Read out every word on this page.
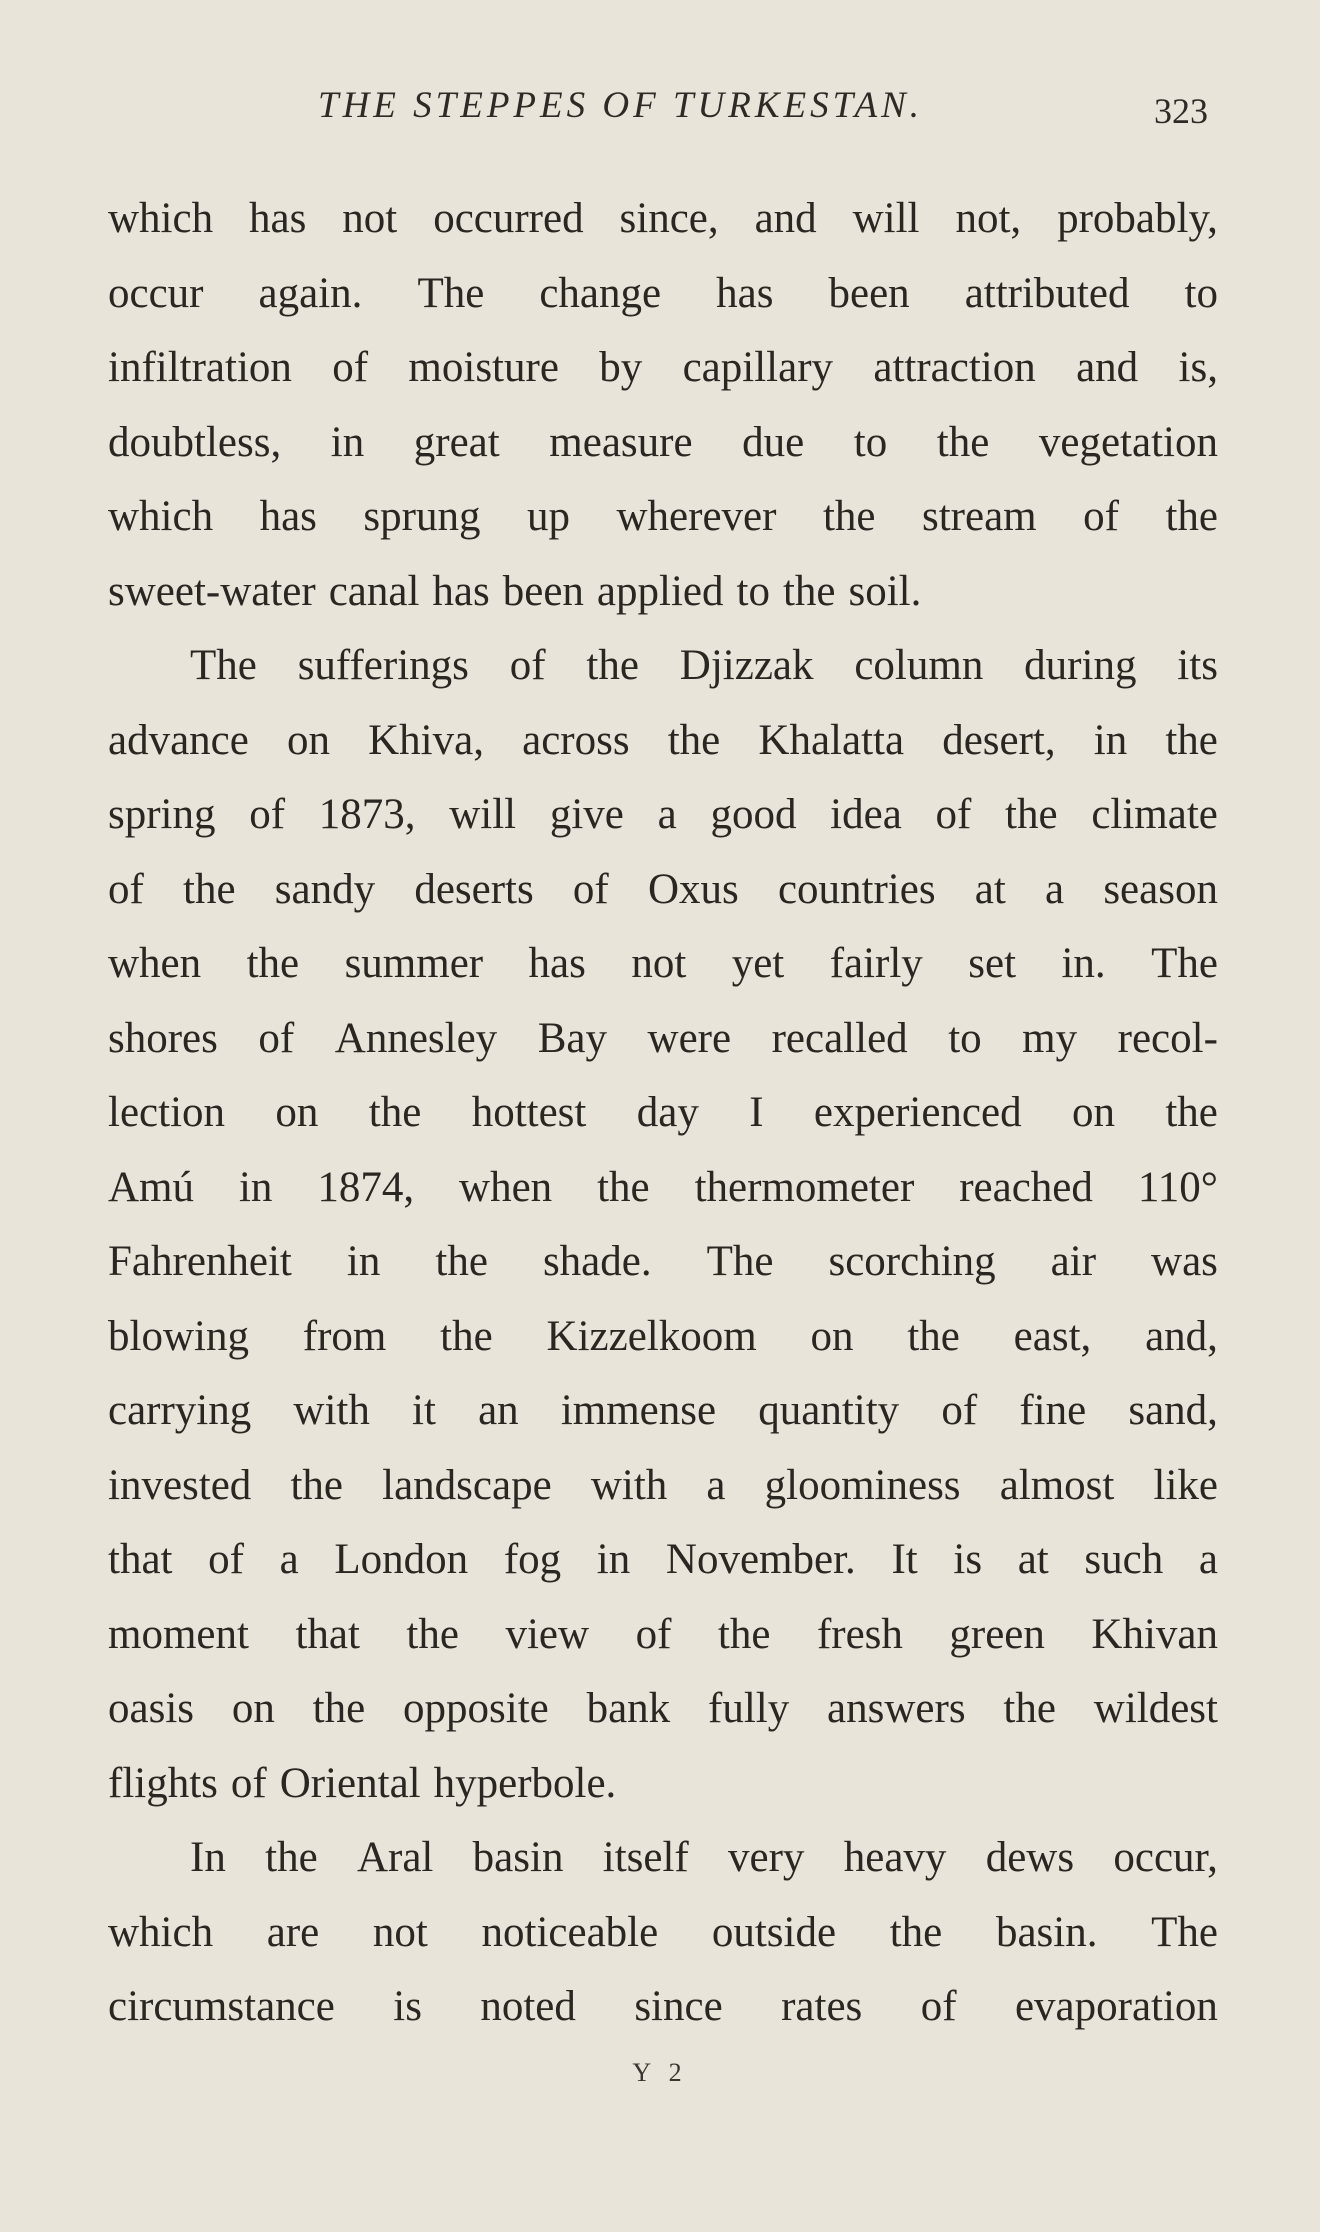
THE STEPPES OF TURKESTAN.	323
which has not occurred since, and will not, probably,
occur again. The change has been attributed to
infiltration of moisture by capillary attraction and is,
doubtless, in great measure due to the vegetation
which has sprung up wherever the stream of the
sweet-water canal has been applied to the soil.
The sufferings of the Djizzak column during its
advance on Khiva, across the Khalatta desert, in the
spring of 1873, will give a good idea of the climate
of the sandy deserts of Oxus countries at a season
when the summer has not yet fairly set in. The
shores of Annesley Bay were recalled to my recol-
lection on the hottest day I experienced on the
Amú in 1874, when the thermometer reached 110°
Fahrenheit in the shade. The scorching air was
blowing from the Kizzelkoom on the east, and,
carrying with it an immense quantity of fine sand,
invested the landscape with a gloominess almost like
that of a London fog in November. It is at such a
moment that the view of the fresh green Khivan
oasis on the opposite bank fully answers the wildest
flights of Oriental hyperbole.
In the Aral basin itself very heavy dews occur,
which are not noticeable outside the basin. The
circumstance is noted since rates of evaporation
Y 2
